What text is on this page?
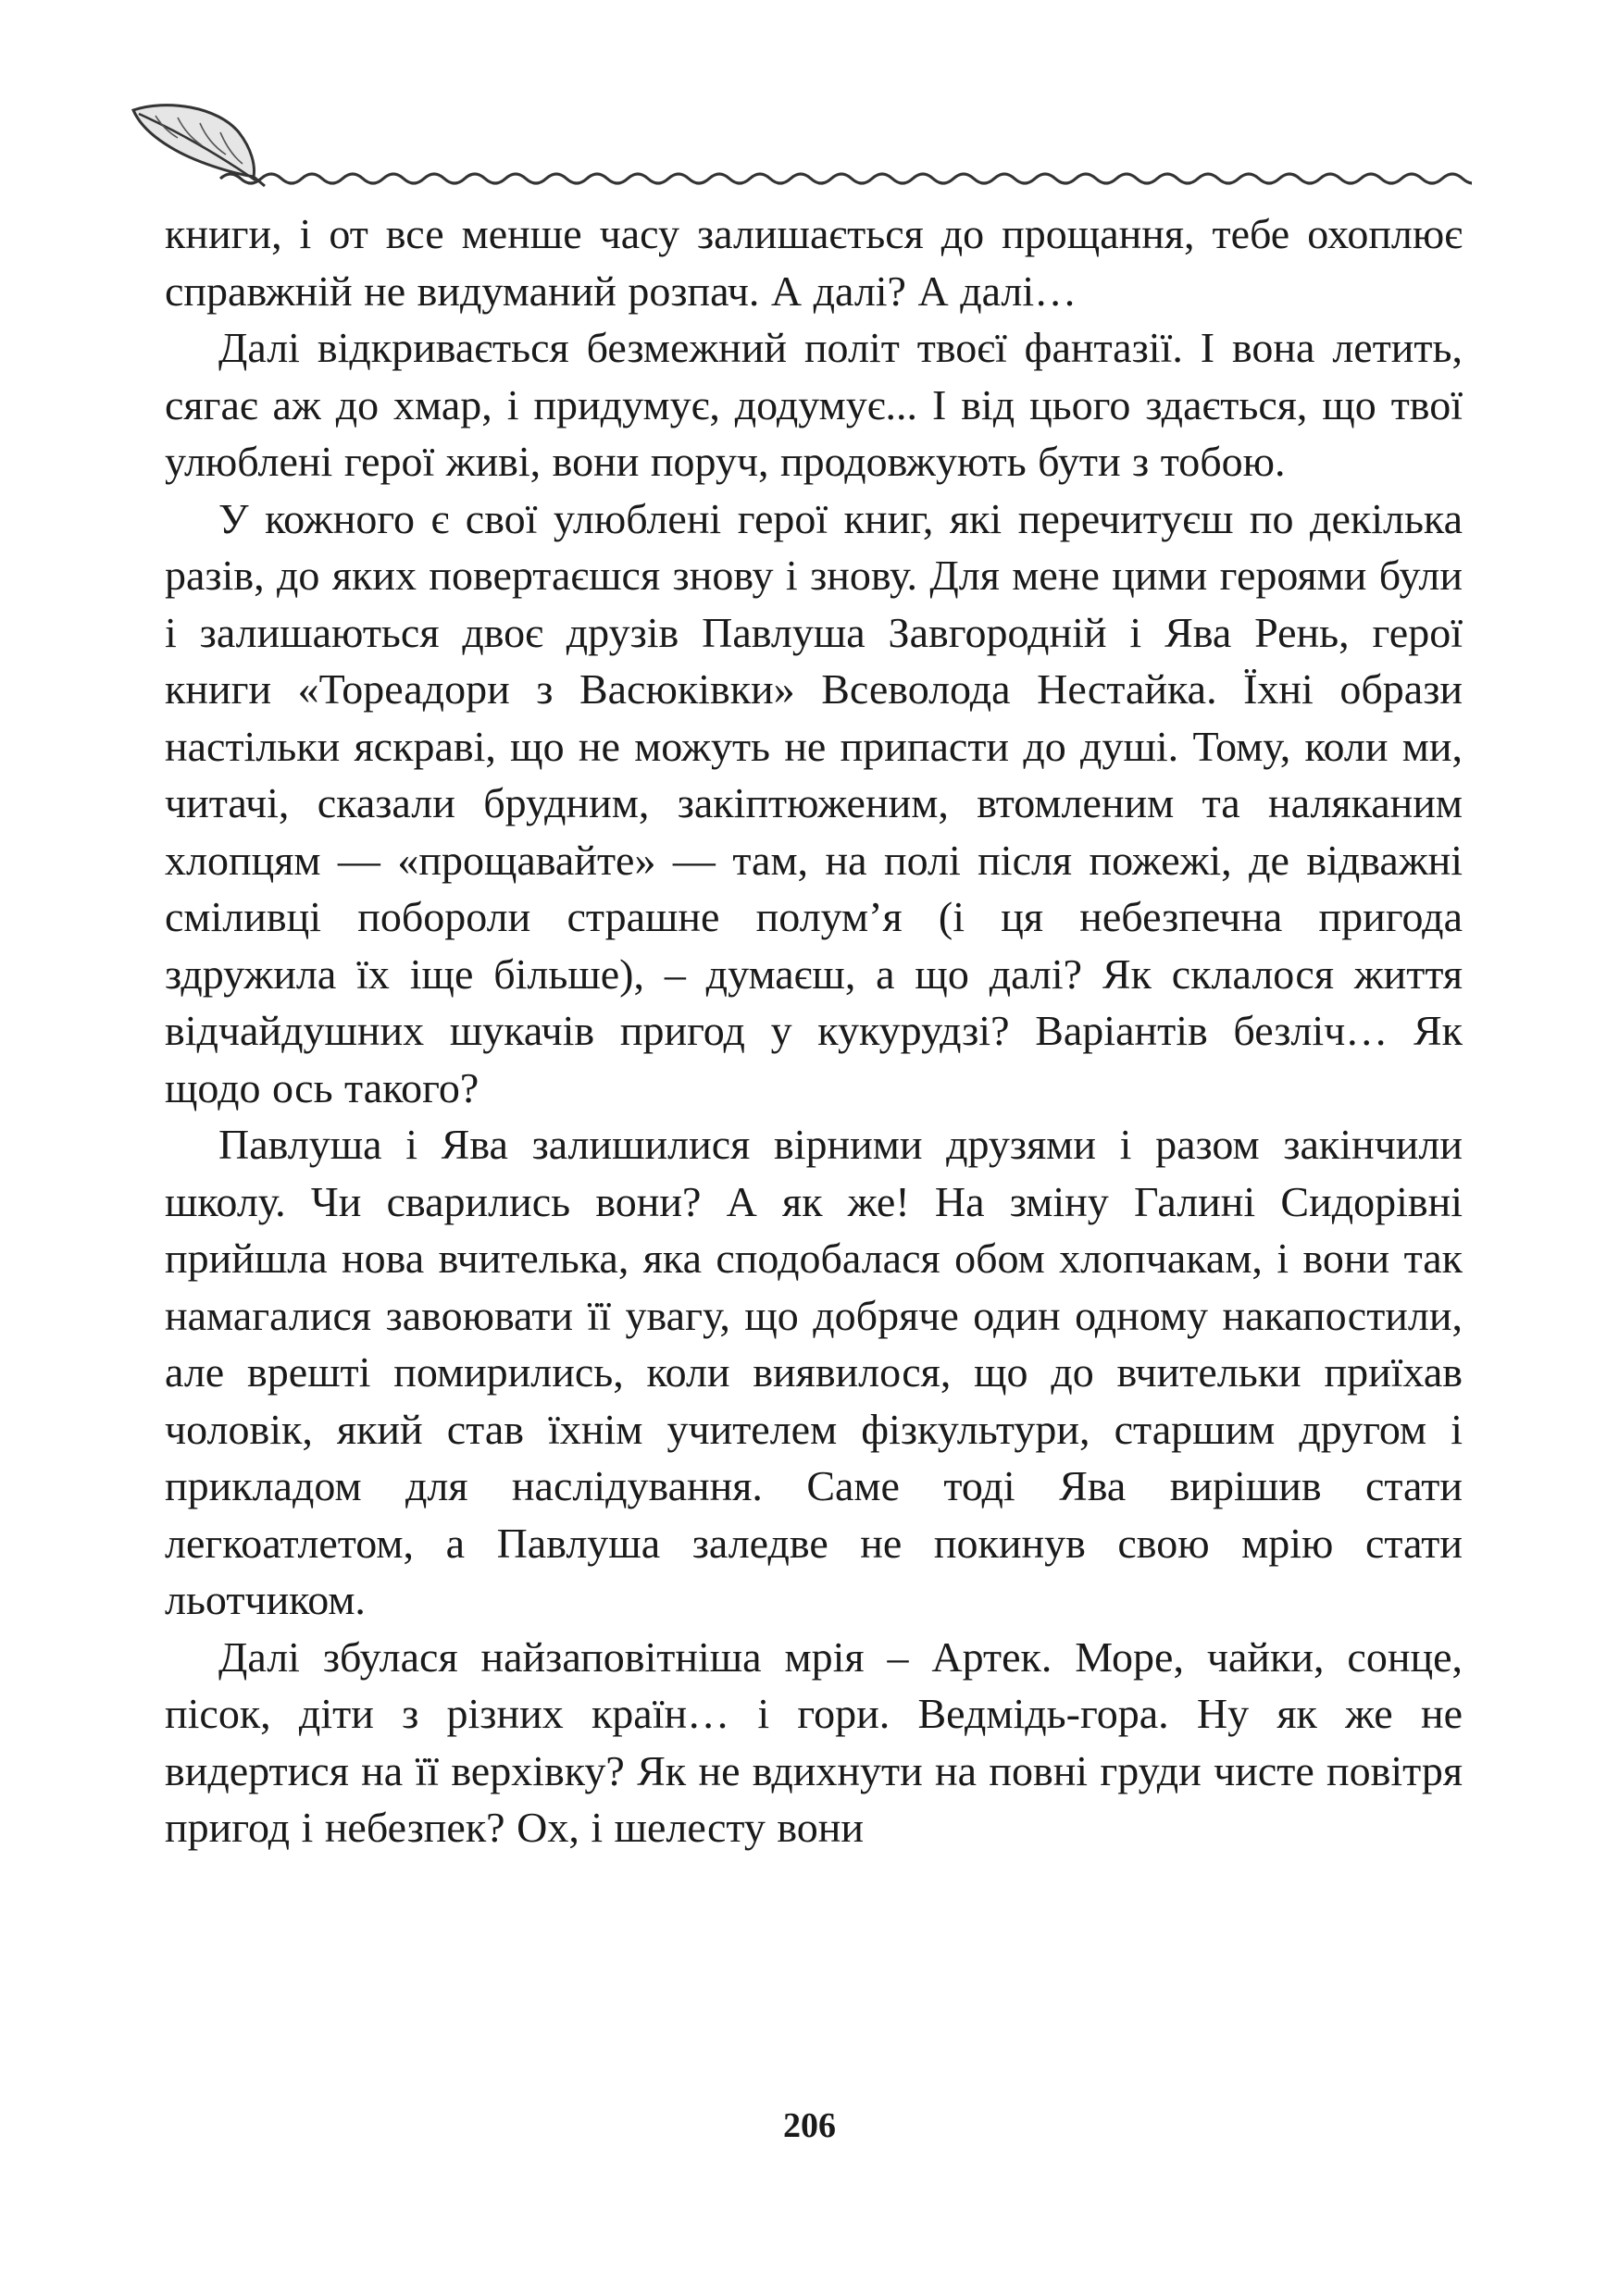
книги, і от все менше часу залишається до прощання, тебе охоплює справжній не видуманий розпач. А далі? А далі…

Далі відкривається безмежний політ твоєї фантазії. І вона летить, сягає аж до хмар, і придумує, додумує... І від цього здається, що твої улюблені герої живі, вони поруч, продовжують бути з тобою.

У кожного є свої улюблені герої книг, які перечитуєш по декілька разів, до яких повертаєшся знову і знову. Для мене цими героями були і залишаються двоє друзів Павлуша Завгородній і Ява Рень, герої книги «Тореадори з Васюківки» Всеволода Нестайка. Їхні образи настільки яскраві, що не можуть не припасти до душі. Тому, коли ми, читачі, сказали брудним, закіптюженим, втомленим та наляканим хлопцям — «прощавайте» — там, на полі після пожежі, де відважні сміливці побороли страшне полум’я (і ця небезпечна пригода здружила їх іще більше), – думаєш, а що далі? Як склалося життя відчайдушних шукачів пригод у кукурудзі? Варіантів безліч… Як щодо ось такого?

Павлуша і Ява залишилися вірними друзями і разом закінчили школу. Чи сварились вони? А як же! На зміну Галині Сидорівні прийшла нова вчителька, яка сподобалася обом хлопчакам, і вони так намагалися завоювати її увагу, що добряче один одному накапостили, але врешті помирились, коли виявилося, що до вчительки приїхав чоловік, який став їхнім учителем фізкультури, старшим другом і прикладом для наслідування. Саме тоді Ява вирішив стати легкоатлетом, а Павлуша заледве не покинув свою мрію стати льотчиком.

Далі збулася найзаповітніша мрія – Артек. Море, чайки, сонце, пісок, діти з різних країн… і гори. Ведмідь-гора. Ну як же не видертися на її верхівку? Як не вдихнути на повні груди чисте повітря пригод і небезпек? Ох, і шелесту вони

206
